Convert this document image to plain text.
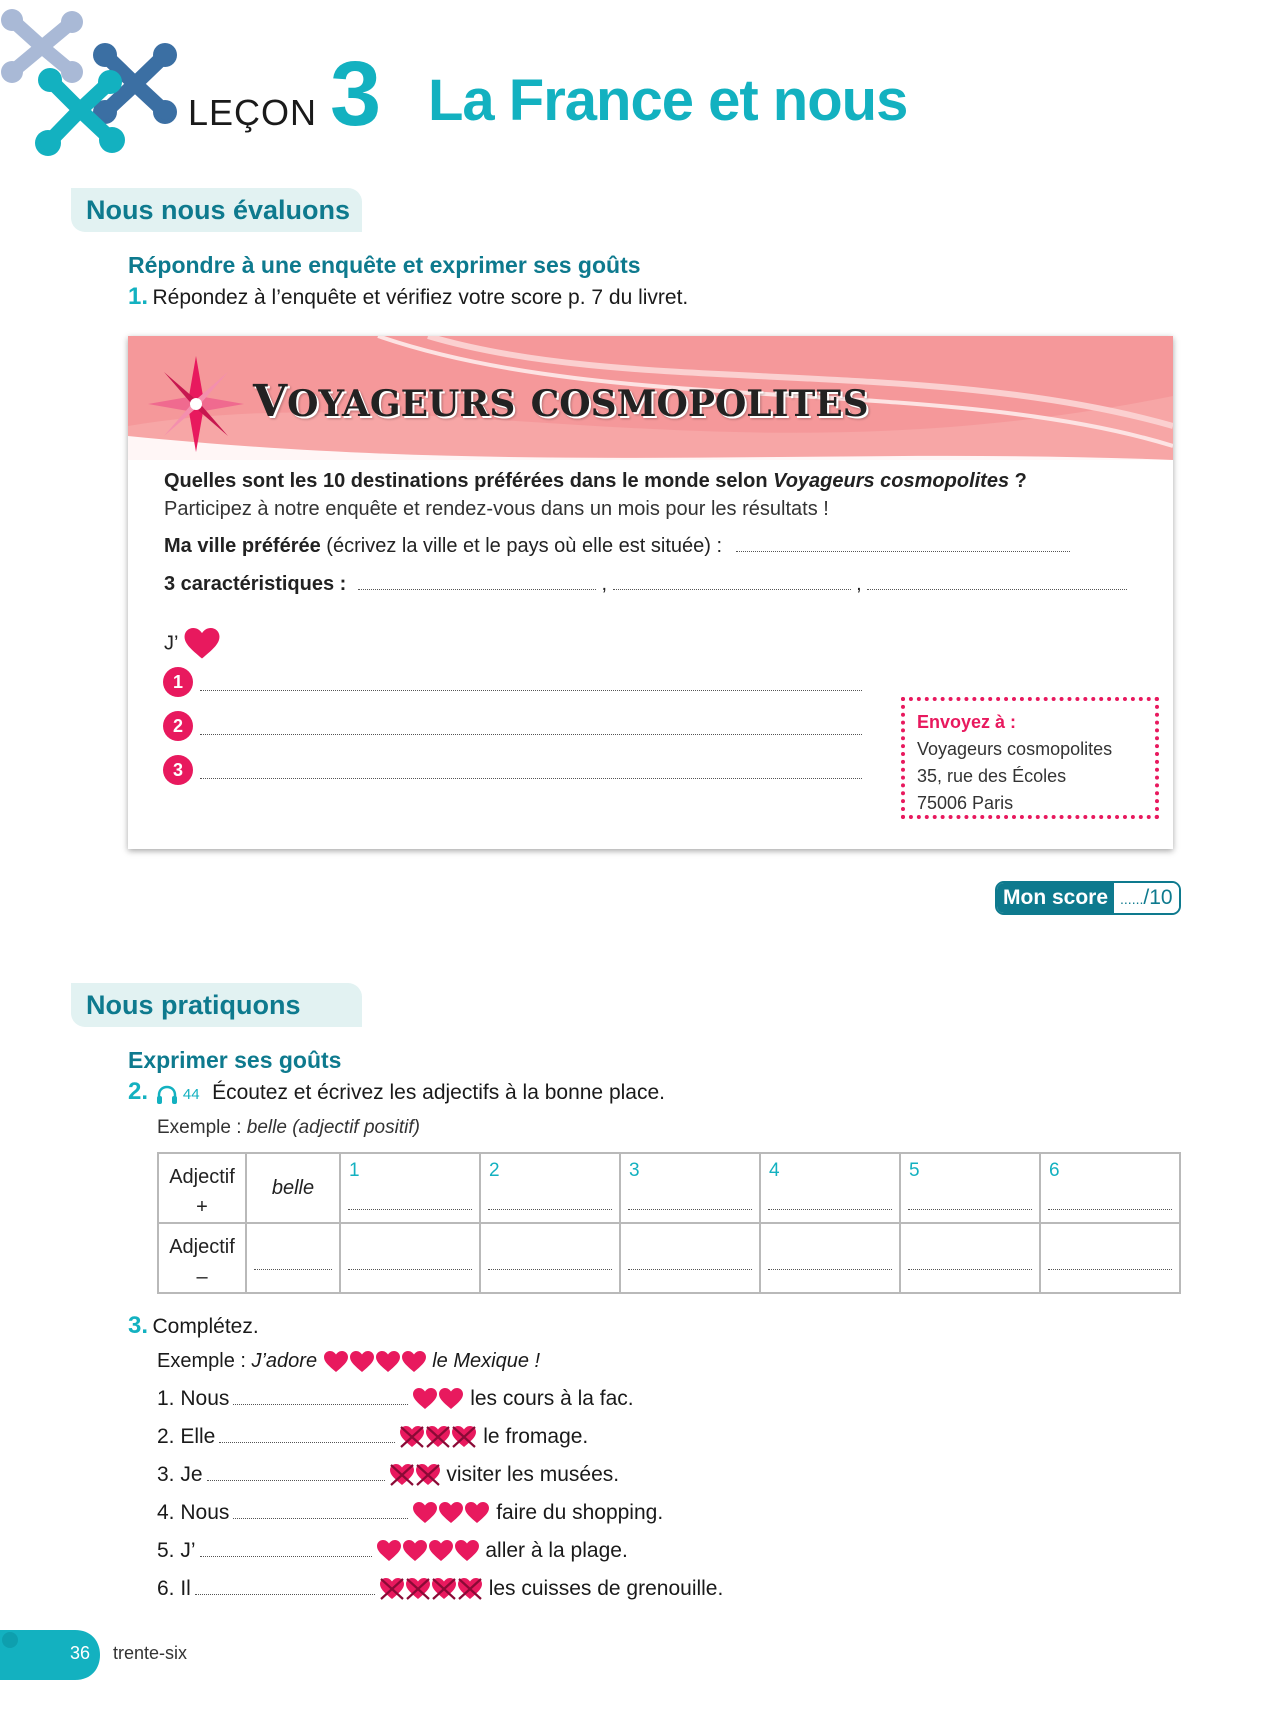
LEÇON 3 La France et nous
Nous nous évaluons
Répondre à une enquête et exprimer ses goûts
1. Répondez à l’enquête et vérifiez votre score p. 7 du livret.
VOYAGEURS COSMOPOLITES
Quelles sont les 10 destinations préférées dans le monde selon Voyageurs cosmopolites ?
Participez à notre enquête et rendez-vous dans un mois pour les résultats !
Ma ville préférée (écrivez la ville et le pays où elle est située) :
3 caractéristiques :	,	,
J’
1
2
3
Envoyez à :
Voyageurs cosmopolites
35, rue des Écoles
75006 Paris
Mon score ....../10
Nous pratiquons
Exprimer ses goûts
2. 44 Écoutez et écrivez les adjectifs à la bonne place.
Exemple : belle (adjectif positif)
Adjectif
+	belle	1	2	3	4	5	6

Adjectif
–	

3. Complétez.
Exemple : J’adore	le Mexique !
1. Nous	les cours à la fac.
2. Elle	le fromage.
3. Je	visiter les musées.
4. Nous	faire du shopping.
5. J’	aller à la plage.
6. Il	les cuisses de grenouille.
36 trente-six
